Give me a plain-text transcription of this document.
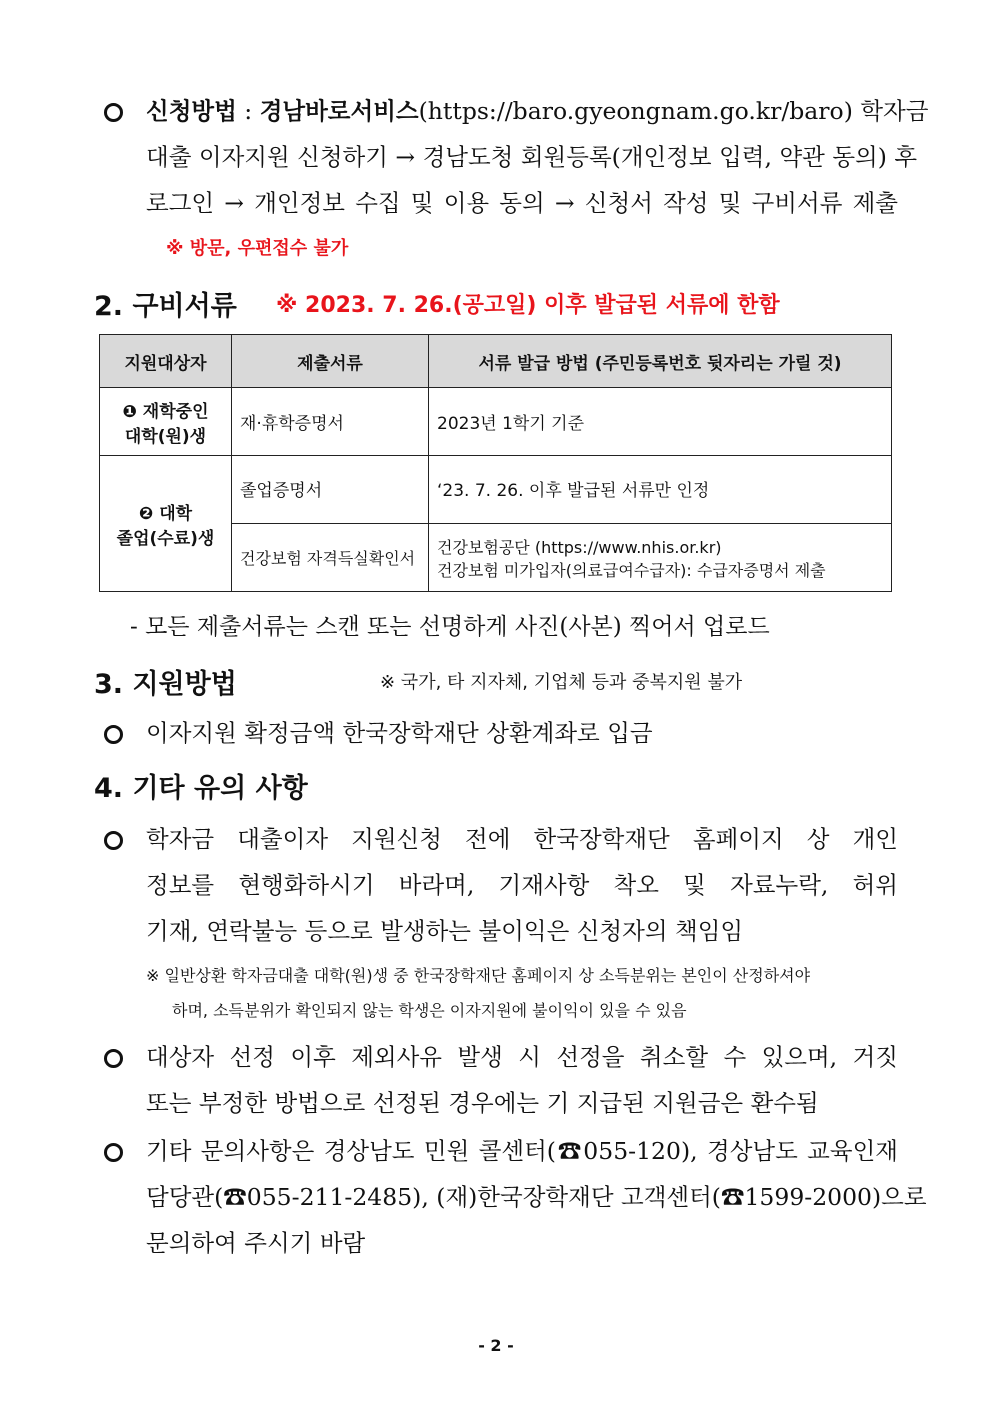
신청방법 : 경남바로서비스(https://baro.gyeongnam.go.kr/baro) 학자금
대출 이자지원 신청하기 → 경남도청 회원등록(개인정보 입력, 약관 동의) 후
로그인 → 개인정보 수집 및 이용 동의 → 신청서 작성 및 구비서류 제출
※ 방문, 우편접수 불가
2. 구비서류 ※ 2023. 7. 26.(공고일) 이후 발급된 서류에 한함
지원대상자	제출서류	서류 발급 방법 (주민등록번호 뒷자리는 가릴 것)

❶ 재학중인
대학(원)생	재·휴학증명서	2023년 1학기 기준

❷ 대학
졸업(수료)생	졸업증명서	‘23. 7. 26. 이후 발급된 서류만 인정
	건강보험 자격득실확인서	건강보험공단 (https://www.nhis.or.kr)
건강보험 미가입자(의료급여수급자): 수급자증명서 제출
- 모든 제출서류는 스캔 또는 선명하게 사진(사본) 찍어서 업로드
3. 지원방법	※ 국가, 타 지자체, 기업체 등과 중복지원 불가
이자지원 확정금액 한국장학재단 상환계좌로 입금
4. 기타 유의 사항
학자금 대출이자 지원신청 전에 한국장학재단 홈페이지 상 개인
정보를 현행화하시기 바라며, 기재사항 착오 및 자료누락, 허위
기재, 연락불능 등으로 발생하는 불이익은 신청자의 책임임
※ 일반상환 학자금대출 대학(원)생 중 한국장학재단 홈페이지 상 소득분위는 본인이 산정하셔야
하며, 소득분위가 확인되지 않는 학생은 이자지원에 불이익이 있을 수 있음
대상자 선정 이후 제외사유 발생 시 선정을 취소할 수 있으며, 거짓
또는 부정한 방법으로 선정된 경우에는 기 지급된 지원금은 환수됨
기타 문의사항은 경상남도 민원 콜센터(☎055-120), 경상남도 교육인재
담당관(☎055-211-2485), (재)한국장학재단 고객센터(☎1599-2000)으로
문의하여 주시기 바람
- 2 -
